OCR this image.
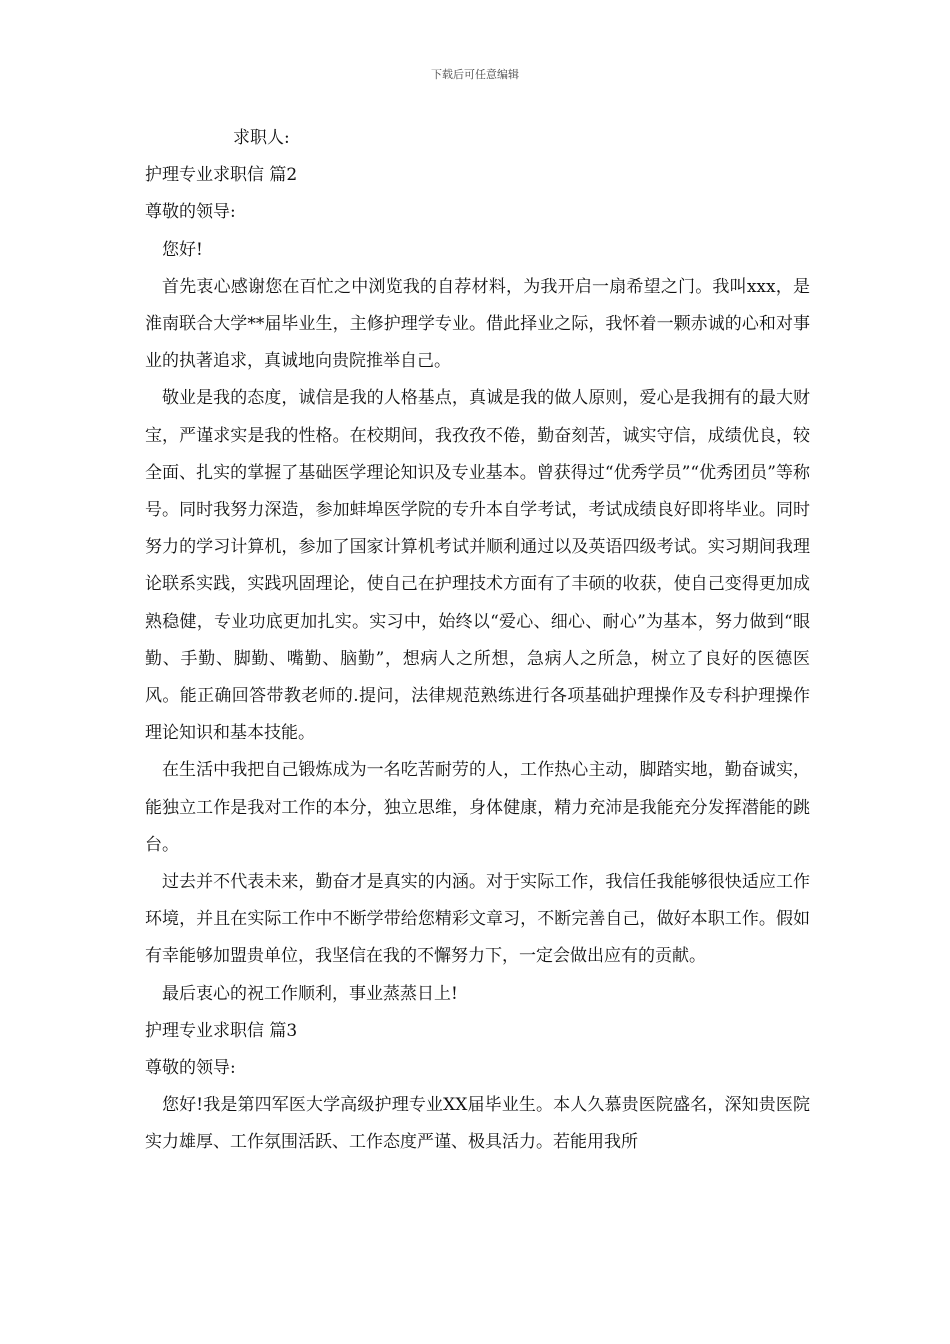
下载后可任意编辑

求职人:

护理专业求职信 篇2

尊敬的领导:

您好!

首先衷心感谢您在百忙之中浏览我的自荐材料，为我开启一扇希望之门。我叫xxx，是淮南联合大学**届毕业生，主修护理学专业。借此择业之际，我怀着一颗赤诚的心和对事业的执著追求，真诚地向贵院推举自己。

敬业是我的态度，诚信是我的人格基点，真诚是我的做人原则，爱心是我拥有的最大财宝，严谨求实是我的性格。在校期间，我孜孜不倦，勤奋刻苦，诚实守信，成绩优良，较全面、扎实的掌握了基础医学理论知识及专业基本。曾获得过“优秀学员”“优秀团员”等称号。同时我努力深造，参加蚌埠医学院的专升本自学考试，考试成绩良好即将毕业。同时努力的学习计算机，参加了国家计算机考试并顺利通过以及英语四级考试。实习期间我理论联系实践，实践巩固理论，使自己在护理技术方面有了丰硕的收获，使自己变得更加成熟稳健，专业功底更加扎实。实习中，始终以“爱心、细心、耐心”为基本，努力做到“眼勤、手勤、脚勤、嘴勤、脑勤”，想病人之所想，急病人之所急，树立了良好的医德医风。能正确回答带教老师的.提问，法律规范熟练进行各项基础护理操作及专科护理操作理论知识和基本技能。

在生活中我把自己锻炼成为一名吃苦耐劳的人，工作热心主动，脚踏实地，勤奋诚实，能独立工作是我对工作的本分，独立思维，身体健康，精力充沛是我能充分发挥潜能的跳台。

过去并不代表未来，勤奋才是真实的内涵。对于实际工作，我信任我能够很快适应工作环境，并且在实际工作中不断学带给您精彩文章习，不断完善自己，做好本职工作。假如有幸能够加盟贵单位，我坚信在我的不懈努力下，一定会做出应有的贡献。

最后衷心的祝工作顺利，事业蒸蒸日上!

护理专业求职信 篇3

尊敬的领导:

您好!我是第四军医大学高级护理专业XX届毕业生。本人久慕贵医院盛名，深知贵医院实力雄厚、工作氛围活跃、工作态度严谨、极具活力。若能用我所
